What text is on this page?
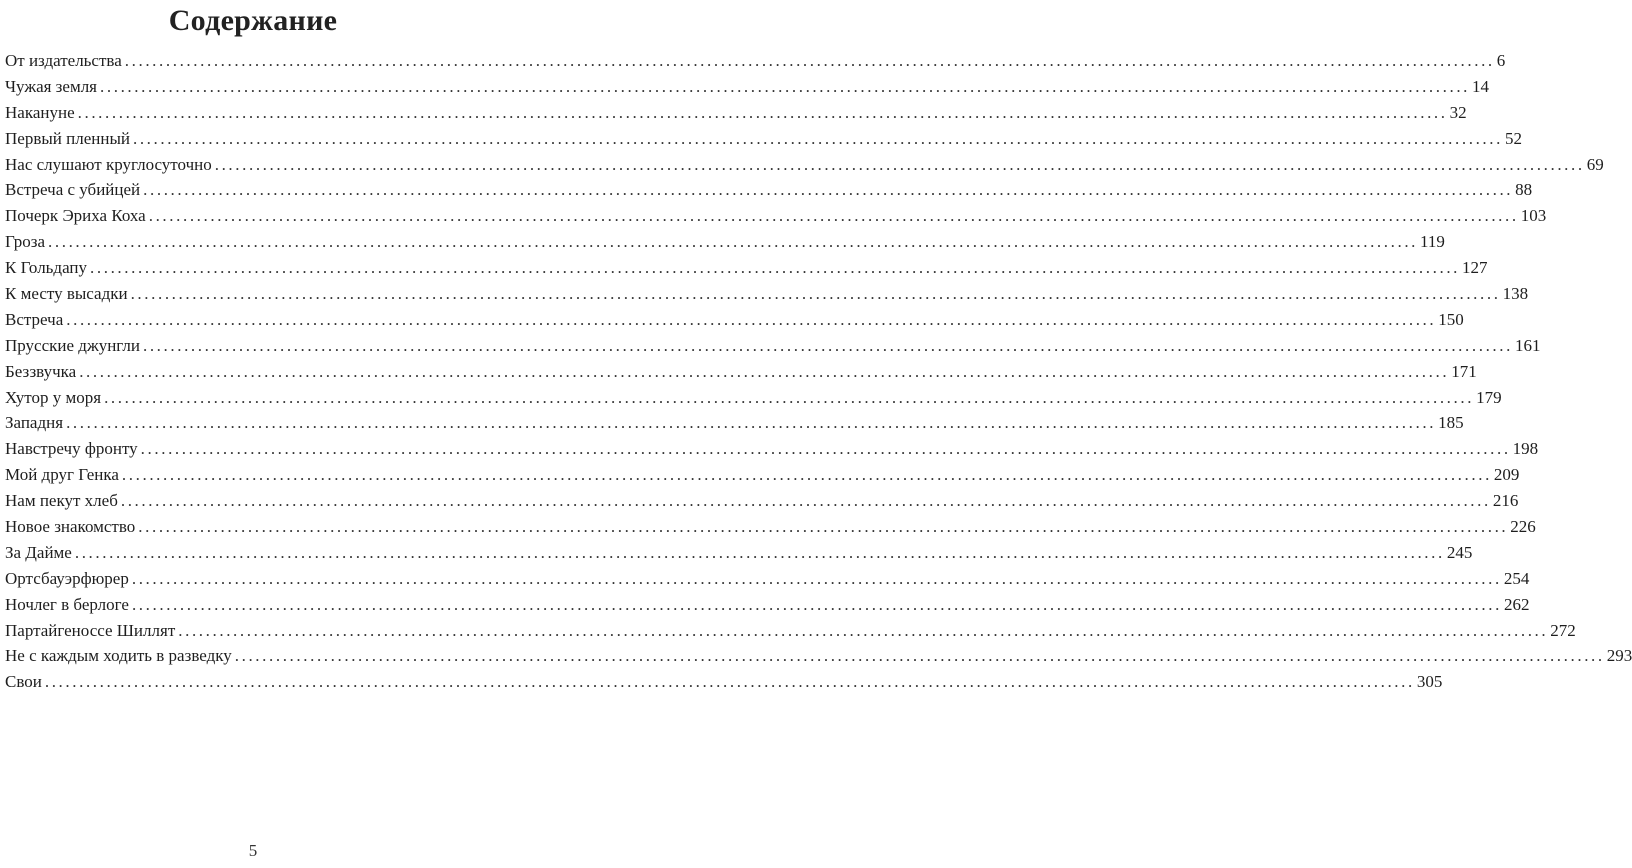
Содержание
От издательства ........................................................................................................................................................................................................ 6
Чужая земля ........................................................................................................................................................................................................ 14
Накануне ........................................................................................................................................................................................................ 32
Первый пленный ........................................................................................................................................................................................................ 52
Нас слушают круглосуточно ........................................................................................................................................................................................................ 69
Встреча с убийцей ........................................................................................................................................................................................................ 88
Почерк Эриха Коха ........................................................................................................................................................................................................ 103
Гроза ........................................................................................................................................................................................................ 119
К Гольдапу ........................................................................................................................................................................................................ 127
К месту высадки ........................................................................................................................................................................................................ 138
Встреча ........................................................................................................................................................................................................ 150
Прусские джунгли ........................................................................................................................................................................................................ 161
Беззвучка ........................................................................................................................................................................................................ 171
Хутор у моря ........................................................................................................................................................................................................ 179
Западня ........................................................................................................................................................................................................ 185
Навстречу фронту ........................................................................................................................................................................................................ 198
Мой друг Генка ........................................................................................................................................................................................................ 209
Нам пекут хлеб ........................................................................................................................................................................................................ 216
Новое знакомство ........................................................................................................................................................................................................ 226
За Дайме ........................................................................................................................................................................................................ 245
Ортсбауэрфюрер ........................................................................................................................................................................................................ 254
Ночлег в берлоге ........................................................................................................................................................................................................ 262
Партайгеноссе Шиллят ........................................................................................................................................................................................................ 272
Не с каждым ходить в разведку ........................................................................................................................................................................................................ 293
Свои ........................................................................................................................................................................................................ 305
5
